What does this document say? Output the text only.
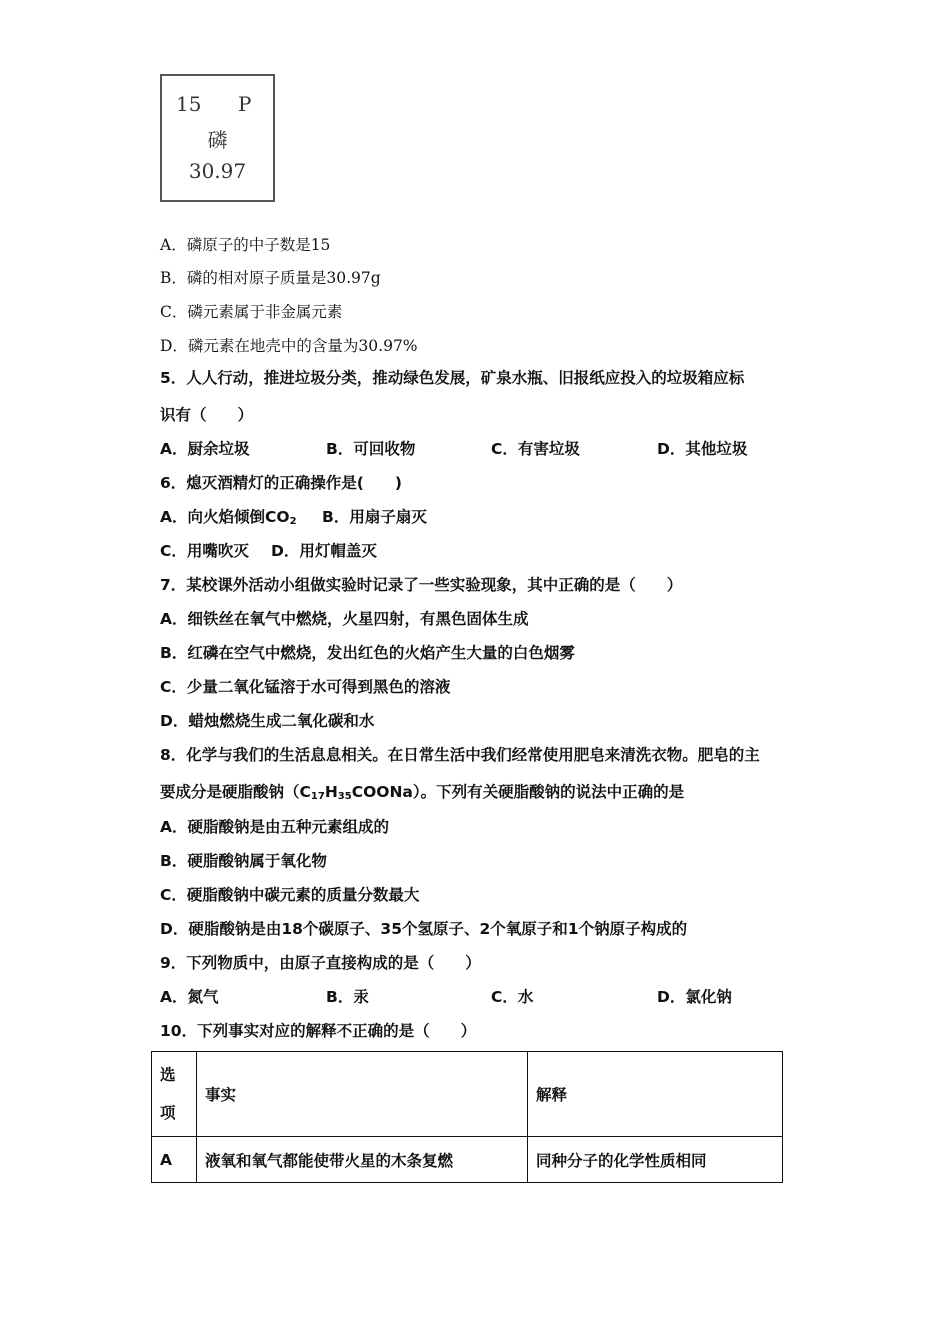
15 P
磷
30.97
A．磷原子的中子数是15
B．磷的相对原子质量是30.97g
C．磷元素属于非金属元素
D．磷元素在地壳中的含量为30.97%
5．人人行动，推进垃圾分类，推动绿色发展，矿泉水瓶、旧报纸应投入的垃圾箱应标
识有（　　）
A．厨余垃圾	B．可回收物	C．有害垃圾	D．其他垃圾
6．熄灭酒精灯的正确操作是(　　)
A．向火焰倾倒$CO_2$ B．用扇子扇灭
C．用嘴吹灭 D．用灯帽盖灭
7．某校课外活动小组做实验时记录了一些实验现象，其中正确的是（　　）
A．细铁丝在氧气中燃烧，火星四射，有黑色固体生成
B．红磷在空气中燃烧，发出红色的火焰产生大量的白色烟雾
C．少量二氧化锰溶于水可得到黑色的溶液
D．蜡烛燃烧生成二氧化碳和水
8．化学与我们的生活息息相关。在日常生活中我们经常使用肥皂来清洗衣物。肥皂的主
要成分是硬脂酸钠$(C_{17}H_{35}COONa)$。下列有关硬脂酸钠的说法中正确的是
A．硬脂酸钠是由五种元素组成的
B．硬脂酸钠属于氧化物
C．硬脂酸钠中碳元素的质量分数最大
D．硬脂酸钠是由18个碳原子、35个氢原子、2个氧原子和1个钠原子构成的
9．下列物质中，由原子直接构成的是（　　）
A．氮气	B．汞	C．水	D．氯化钠
10．下列事实对应的解释不正确的是（　　）
选
项	事实	解释
A	液氧和氧气都能使带火星的木条复燃	同种分子的化学性质相同
